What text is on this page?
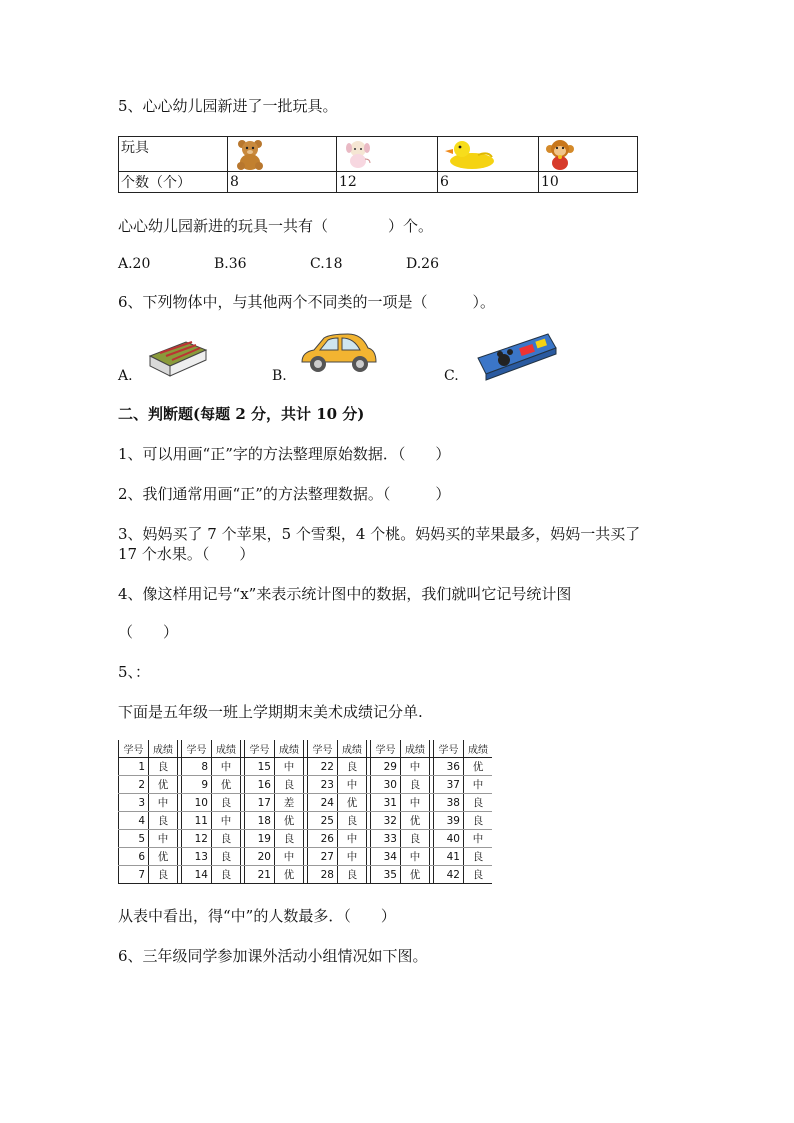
5、心心幼儿园新进了一批玩具。
玩具	

个数（个）	8	12	6	10
心心幼儿园新进的玩具一共有（　　　　）个。
A.20	B.36	C.18	D.26
6、下列物体中，与其他两个不同类的一项是（　　　）。
A.	B.	C.
二、判断题(每题 2 分，共计 10 分)
1、可以用画“正”字的方法整理原始数据．（　　）
2、我们通常用画“正”的方法整理数据。（　　　）
3、妈妈买了 7 个苹果，5 个雪梨，4 个桃。妈妈买的苹果最多，妈妈一共买了
17 个水果。（　　）
4、像这样用记号“x”来表示统计图中的数据，我们就叫它记号统计图
（　　）
5、：
下面是五年级一班上学期期末美术成绩记分单.
学号	成绩		学号	成绩		学号	成绩		学号	成绩		学号	成绩		学号	成绩
1	良		8	中		15	中		22	良		29	中		36	优
2	优		9	优		16	良		23	中		30	良		37	中
3	中		10	良		17	差		24	优		31	中		38	良
4	良		11	中		18	优		25	良		32	优		39	良
5	中		12	良		19	良		26	中		33	良		40	中
6	优		13	良		20	中		27	中		34	中		41	良
7	良		14	良		21	优		28	良		35	优		42	良
从表中看出，得“中”的人数最多．（　　）
6、三年级同学参加课外活动小组情况如下图。
